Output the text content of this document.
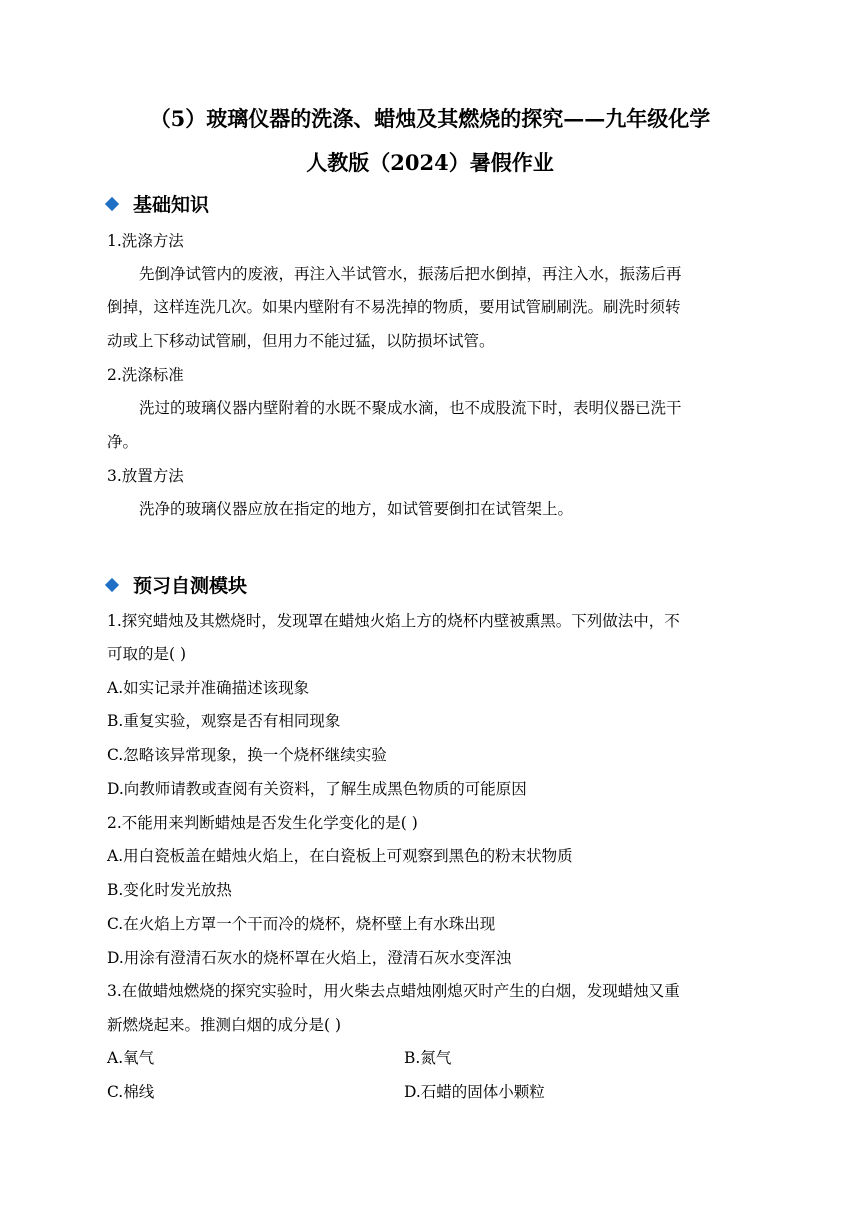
（5）玻璃仪器的洗涤、蜡烛及其燃烧的探究——九年级化学
人教版（2024）暑假作业
基础知识
1.洗涤方法
先倒净试管内的废液，再注入半试管水，振荡后把水倒掉，再注入水，振荡后再
倒掉，这样连洗几次。如果内壁附有不易洗掉的物质，要用试管刷刷洗。刷洗时须转
动或上下移动试管刷，但用力不能过猛，以防损坏试管。
2.洗涤标准
洗过的玻璃仪器内壁附着的水既不聚成水滴，也不成股流下时，表明仪器已洗干
净。
3.放置方法
洗净的玻璃仪器应放在指定的地方，如试管要倒扣在试管架上。
预习自测模块
1.探究蜡烛及其燃烧时，发现罩在蜡烛火焰上方的烧杯内壁被熏黑。下列做法中，不
可取的是( )
A.如实记录并准确描述该现象
B.重复实验，观察是否有相同现象
C.忽略该异常现象，换一个烧杯继续实验
D.向教师请教或查阅有关资料，了解生成黑色物质的可能原因
2.不能用来判断蜡烛是否发生化学变化的是( )
A.用白瓷板盖在蜡烛火焰上，在白瓷板上可观察到黑色的粉末状物质
B.变化时发光放热
C.在火焰上方罩一个干而冷的烧杯，烧杯壁上有水珠出现
D.用涂有澄清石灰水的烧杯罩在火焰上，澄清石灰水变浑浊
3.在做蜡烛燃烧的探究实验时，用火柴去点蜡烛刚熄灭时产生的白烟，发现蜡烛又重
新燃烧起来。推测白烟的成分是( )
A.氧气	B.氮气
C.棉线	D.石蜡的固体小颗粒
